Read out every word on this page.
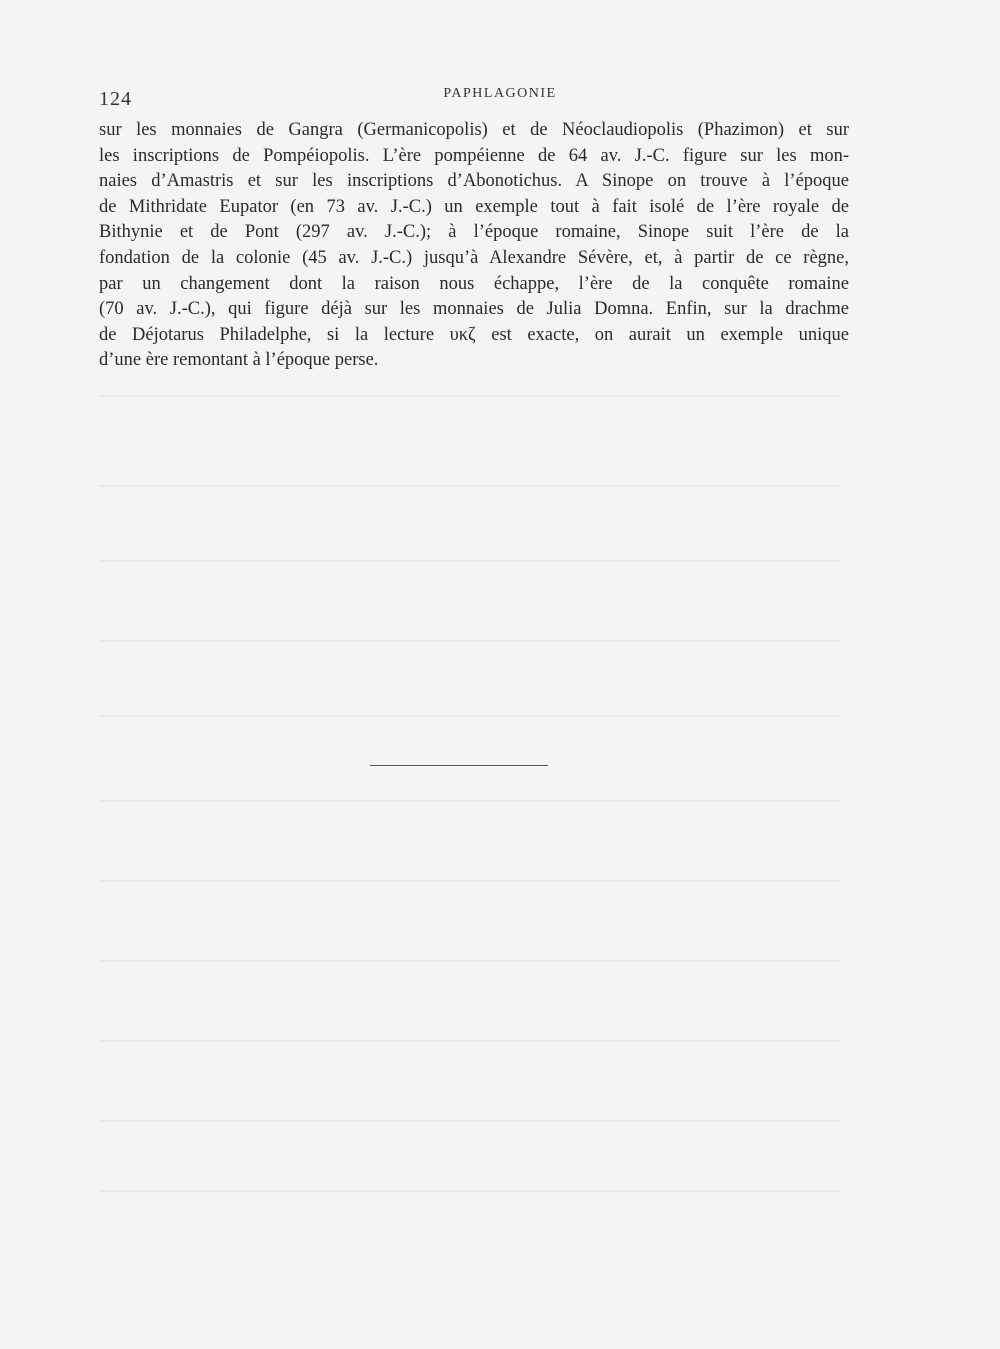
124	PAPHLAGONIE

sur les monnaies de Gangra (Germanicopolis) et de Néoclaudiopolis (Phazimon) et sur
les inscriptions de Pompéiopolis. L’ère pompéienne de 64 av. J.-C. figure sur les mon-
naies d’Amastris et sur les inscriptions d’Abonotichus. A Sinope on trouve à l’époque
de Mithridate Eupator (en 73 av. J.-C.) un exemple tout à fait isolé de l’ère royale de
Bithynie et de Pont (297 av. J.-C.); à l’époque romaine, Sinope suit l’ère de la
fondation de la colonie (45 av. J.-C.) jusqu’à Alexandre Sévère, et, à partir de ce règne,
par un changement dont la raison nous échappe, l’ère de la conquête romaine
(70 av. J.-C.), qui figure déjà sur les monnaies de Julia Domna. Enfin, sur la drachme
de Déjotarus Philadelphe, si la lecture υκζ est exacte, on aurait un exemple unique
d’une ère remontant à l’époque perse.
